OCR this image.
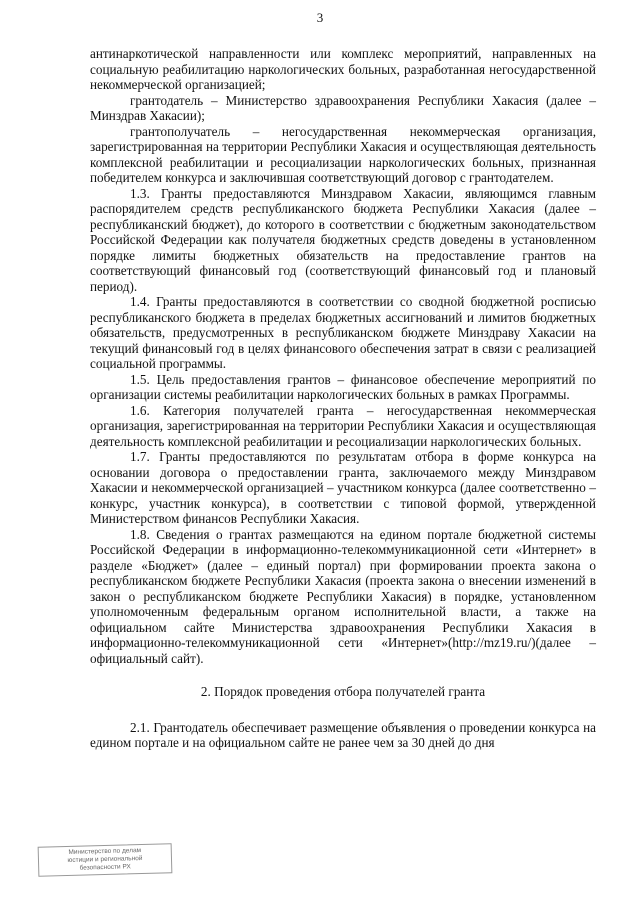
3

антинаркотической направленности или комплекс мероприятий, направленных на социальную реабилитацию наркологических больных, разработанная негосударственной некоммерческой организацией;

грантодатель – Министерство здравоохранения Республики Хакасия (далее – Минздрав Хакасии);

грантополучатель – негосударственная некоммерческая организация, зарегистрированная на территории Республики Хакасия и осуществляющая деятельность комплексной реабилитации и ресоциализации наркологических больных, признанная победителем конкурса и заключившая соответствующий договор с грантодателем.

1.3. Гранты предоставляются Минздравом Хакасии, являющимся главным распорядителем средств республиканского бюджета Республики Хакасия (далее – республиканский бюджет), до которого в соответствии с бюджетным законодательством Российской Федерации как получателя бюджетных средств доведены в установленном порядке лимиты бюджетных обязательств на предоставление грантов на соответствующий финансовый год (соответствующий финансовый год и плановый период).

1.4. Гранты предоставляются в соответствии со сводной бюджетной росписью республиканского бюджета в пределах бюджетных ассигнований и лимитов бюджетных обязательств, предусмотренных в республиканском бюджете Минздраву Хакасии на текущий финансовый год в целях финансового обеспечения затрат в связи с реализацией социальной программы.

1.5. Цель предоставления грантов – финансовое обеспечение мероприятий по организации системы реабилитации наркологических больных в рамках Программы.

1.6. Категория получателей гранта – негосударственная некоммерческая организация, зарегистрированная на территории Республики Хакасия и осуществляющая деятельность комплексной реабилитации и ресоциализации наркологических больных.

1.7. Гранты предоставляются по результатам отбора в форме конкурса на основании договора о предоставлении гранта, заключаемого между Минздравом Хакасии и некоммерческой организацией – участником конкурса (далее соответственно – конкурс, участник конкурса), в соответствии с типовой формой, утвержденной Министерством финансов Республики Хакасия.

1.8. Сведения о грантах размещаются на едином портале бюджетной системы Российской Федерации в информационно-телекоммуникационной сети «Интернет» в разделе «Бюджет» (далее – единый портал) при формировании проекта закона о республиканском бюджете Республики Хакасия (проекта закона о внесении изменений в закон о республиканском бюджете Республики Хакасия) в порядке, установленном уполномоченным федеральным органом исполнительной власти, а также на официальном сайте Министерства здравоохранения Республики Хакасия в информационно-телекоммуникационной сети «Интернет»(http://mz19.ru/)(далее – официальный сайт).

2. Порядок проведения отбора получателей гранта

2.1. Грантодатель обеспечивает размещение объявления о проведении конкурса на едином портале и на официальном сайте не ранее чем за 30 дней до дня

Министерство по делам
юстиции и региональной
безопасности РХ
